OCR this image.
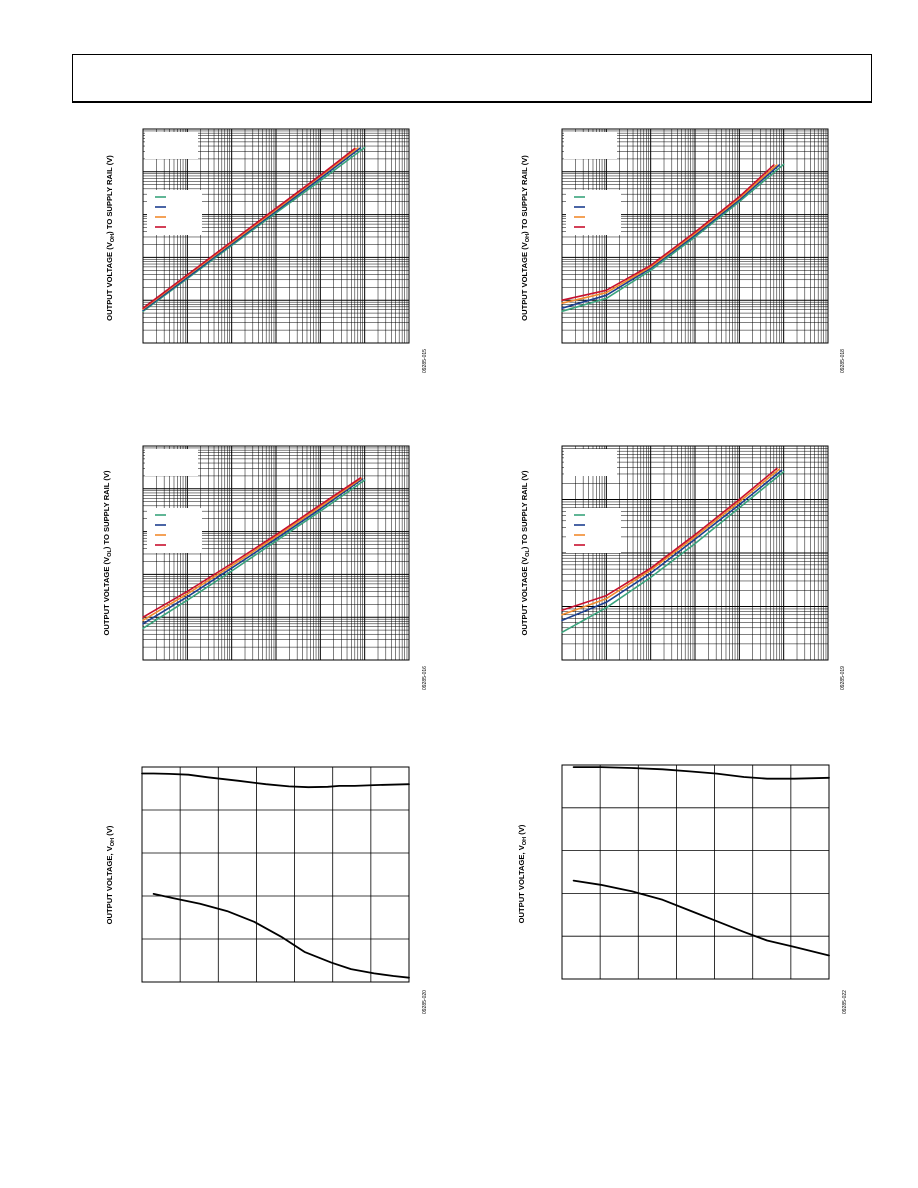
OUTPUT VOLTAGE $(V_{OH})$ TO SUPPLY RAIL (V)
09285-015
OUTPUT VOLTAGE $(V_{OH})$ TO SUPPLY RAIL (V)
09285-018
OUTPUT VOLTAGE $(V_{OL})$ TO SUPPLY RAIL (V)
09285-016
OUTPUT VOLTAGE $(V_{OL})$ TO SUPPLY RAIL (V)
09285-019
OUTPUT VOLTAGE, $V_{OH}$ (V)
09285-020
OUTPUT VOLTAGE, $V_{OH}$ (V)
09285-022
